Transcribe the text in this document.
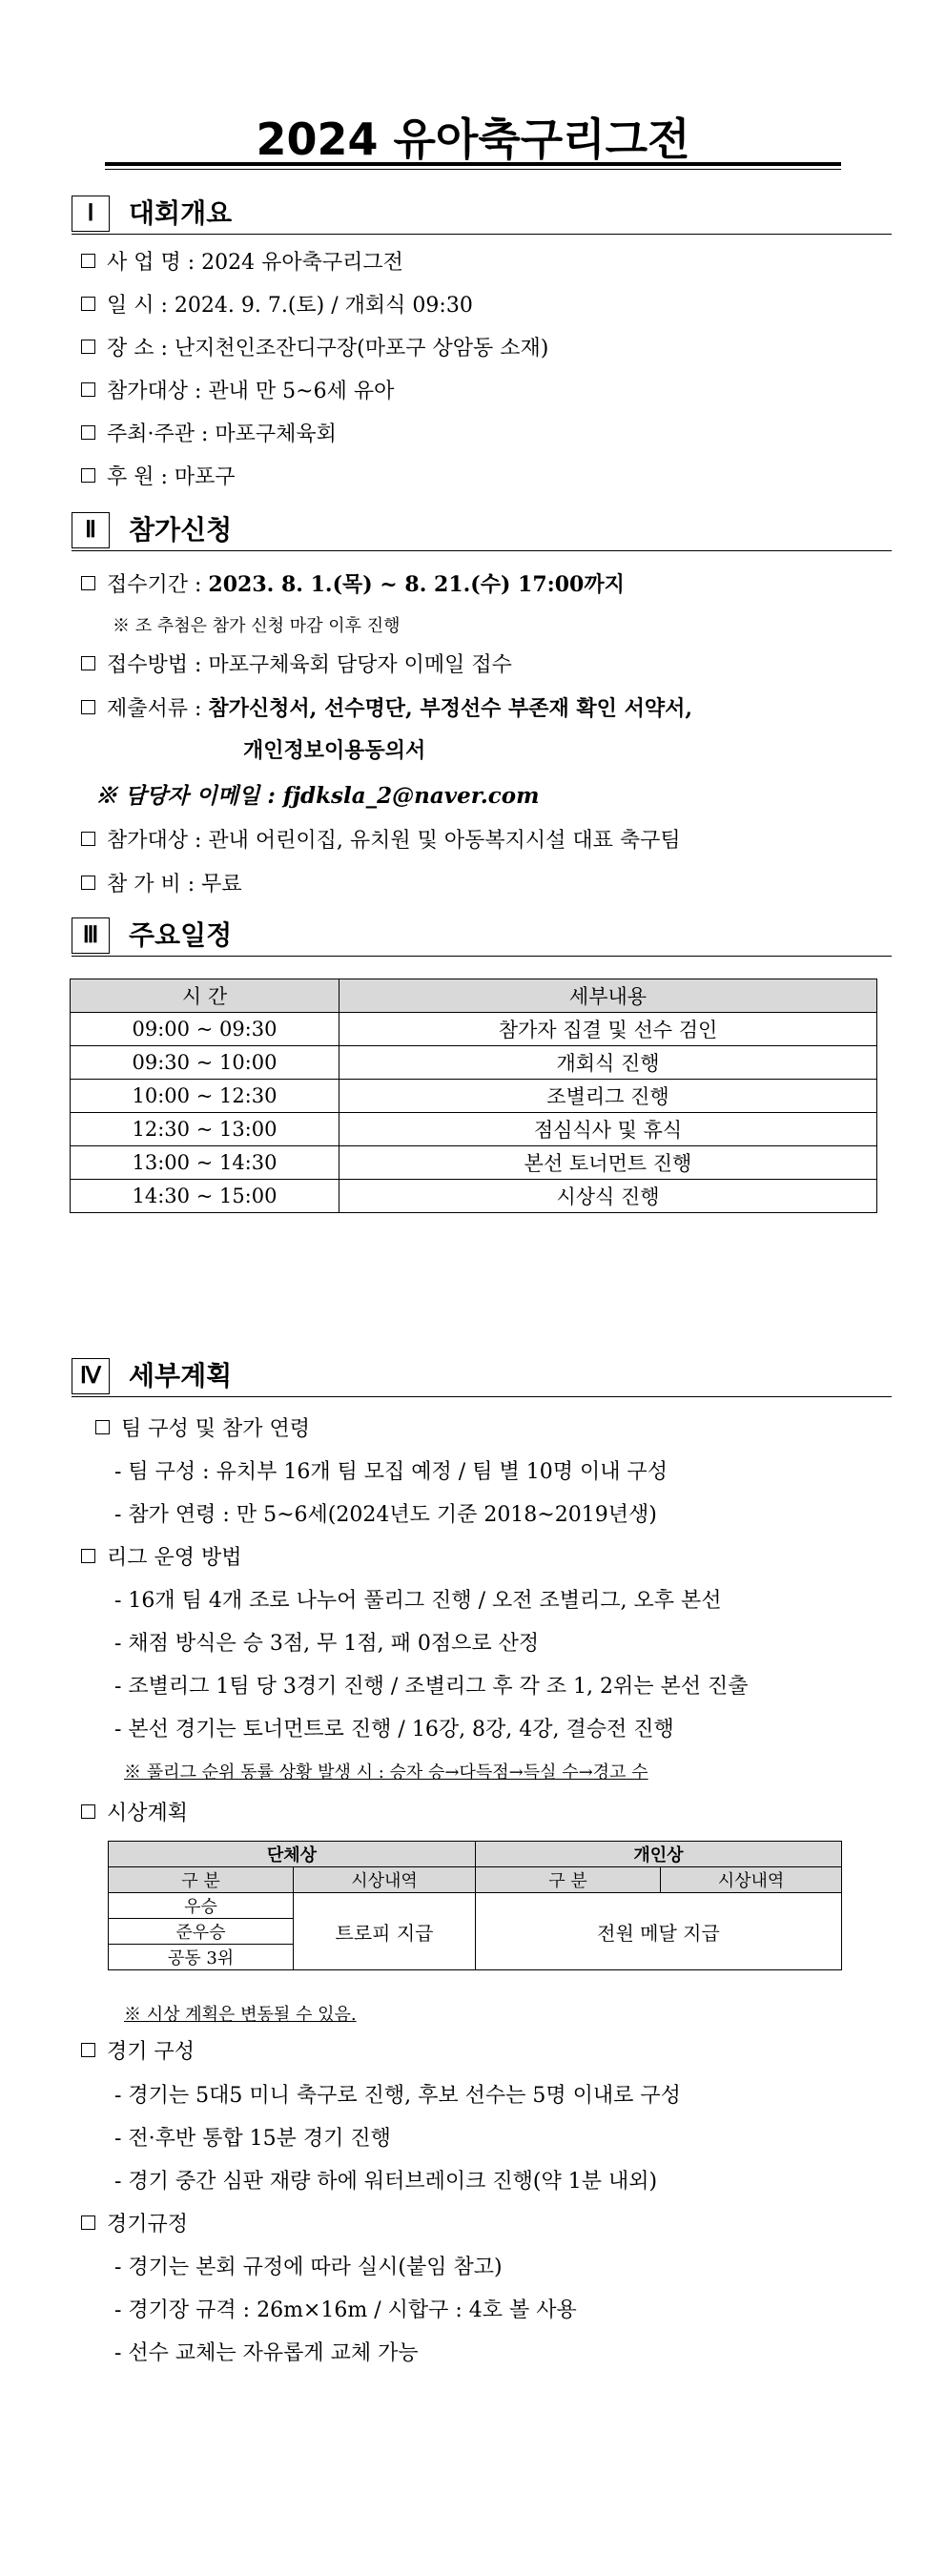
2024 유아축구리그전
Ⅰ	대회개요
사 업 명 : 2024 유아축구리그전
일 시 : 2024. 9. 7.(토) / 개회식 09:30
장 소 : 난지천인조잔디구장(마포구 상암동 소재)
참가대상 : 관내 만 5~6세 유아
주최·주관 : 마포구체육회
후 원 : 마포구
Ⅱ	참가신청
접수기간 : 2023. 8. 1.(목) ~ 8. 21.(수) 17:00까지
※ 조 추첨은 참가 신청 마감 이후 진행
접수방법 : 마포구체육회 담당자 이메일 접수
제출서류 : 참가신청서, 선수명단, 부정선수 부존재 확인 서약서,
개인정보이용동의서
※ 담당자 이메일 : fjdksla_2@naver.com
참가대상 : 관내 어린이집, 유치원 및 아동복지시설 대표 축구팀
참 가 비 : 무료
Ⅲ	주요일정
시 간	세부내용
09:00 ~ 09:30	참가자 집결 및 선수 검인
09:30 ~ 10:00	개회식 진행
10:00 ~ 12:30	조별리그 진행
12:30 ~ 13:00	점심식사 및 휴식
13:00 ~ 14:30	본선 토너먼트 진행
14:30 ~ 15:00	시상식 진행
Ⅳ	세부계획
팀 구성 및 참가 연령
- 팀 구성 : 유치부 16개 팀 모집 예정 / 팀 별 10명 이내 구성
- 참가 연령 : 만 5~6세(2024년도 기준 2018~2019년생)
리그 운영 방법
- 16개 팀 4개 조로 나누어 풀리그 진행 / 오전 조별리그, 오후 본선
- 채점 방식은 승 3점, 무 1점, 패 0점으로 산정
- 조별리그 1팀 당 3경기 진행 / 조별리그 후 각 조 1, 2위는 본선 진출
- 본선 경기는 토너먼트로 진행 / 16강, 8강, 4강, 결승전 진행
※ 풀리그 순위 동률 상황 발생 시 : 승자 승→다득점→득실 수→경고 수
시상계획
단체상		개인상	
구 분	시상내역	구 분	시상내역
우승	트로피 지급	전원 메달 지급	
준우승			
공동 3위			
※ 시상 계획은 변동될 수 있음.
경기 구성
- 경기는 5대5 미니 축구로 진행, 후보 선수는 5명 이내로 구성
- 전·후반 통합 15분 경기 진행
- 경기 중간 심판 재량 하에 워터브레이크 진행(약 1분 내외)
경기규정
- 경기는 본회 규정에 따라 실시(붙임 참고)
- 경기장 규격 : 26m×16m / 시합구 : 4호 볼 사용
- 선수 교체는 자유롭게 교체 가능
